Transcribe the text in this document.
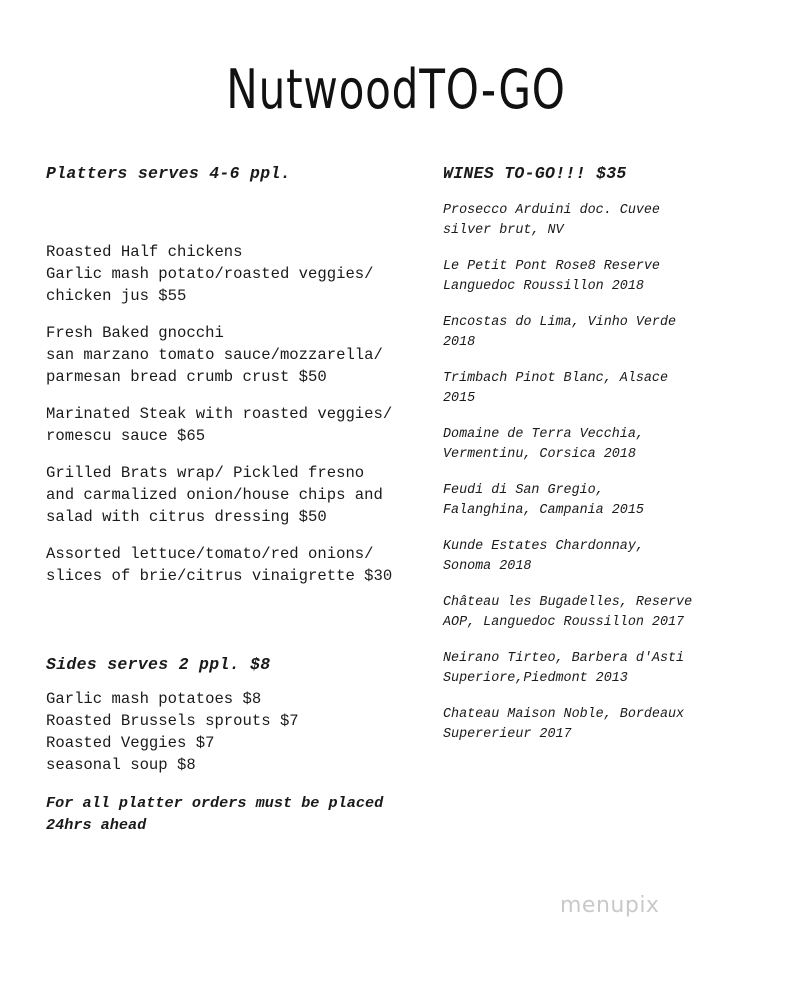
NutwoodTO-GO
Platters serves 4-6 ppl.
Roasted Half chickens
Garlic mash potato/roasted veggies/
chicken jus $55
Fresh Baked gnocchi
san marzano tomato sauce/mozzarella/
parmesan bread crumb crust $50
Marinated Steak with roasted veggies/
romescu sauce $65
Grilled Brats wrap/ Pickled fresno
and carmalized onion/house chips and
salad with citrus dressing $50
Assorted lettuce/tomato/red onions/
slices of brie/citrus vinaigrette $30
Sides serves 2 ppl. $8
Garlic mash potatoes $8
Roasted Brussels sprouts $7
Roasted Veggies $7
seasonal soup $8
For all platter orders must be placed
24hrs ahead
WINES TO-GO!!! $35
Prosecco Arduini doc. Cuvee
silver brut, NV
Le Petit Pont Rose8 Reserve
Languedoc Roussillon 2018
Encostas do Lima, Vinho Verde
2018
Trimbach Pinot Blanc, Alsace
2015
Domaine de Terra Vecchia,
Vermentinu, Corsica 2018
Feudi di San Gregio,
Falanghina, Campania 2015
Kunde Estates Chardonnay,
Sonoma 2018
Château les Bugadelles, Reserve
AOP, Languedoc Roussillon 2017
Neirano Tirteo, Barbera d'Asti
Superiore,Piedmont 2013
Chateau Maison Noble, Bordeaux
Supererieur 2017
menupix
